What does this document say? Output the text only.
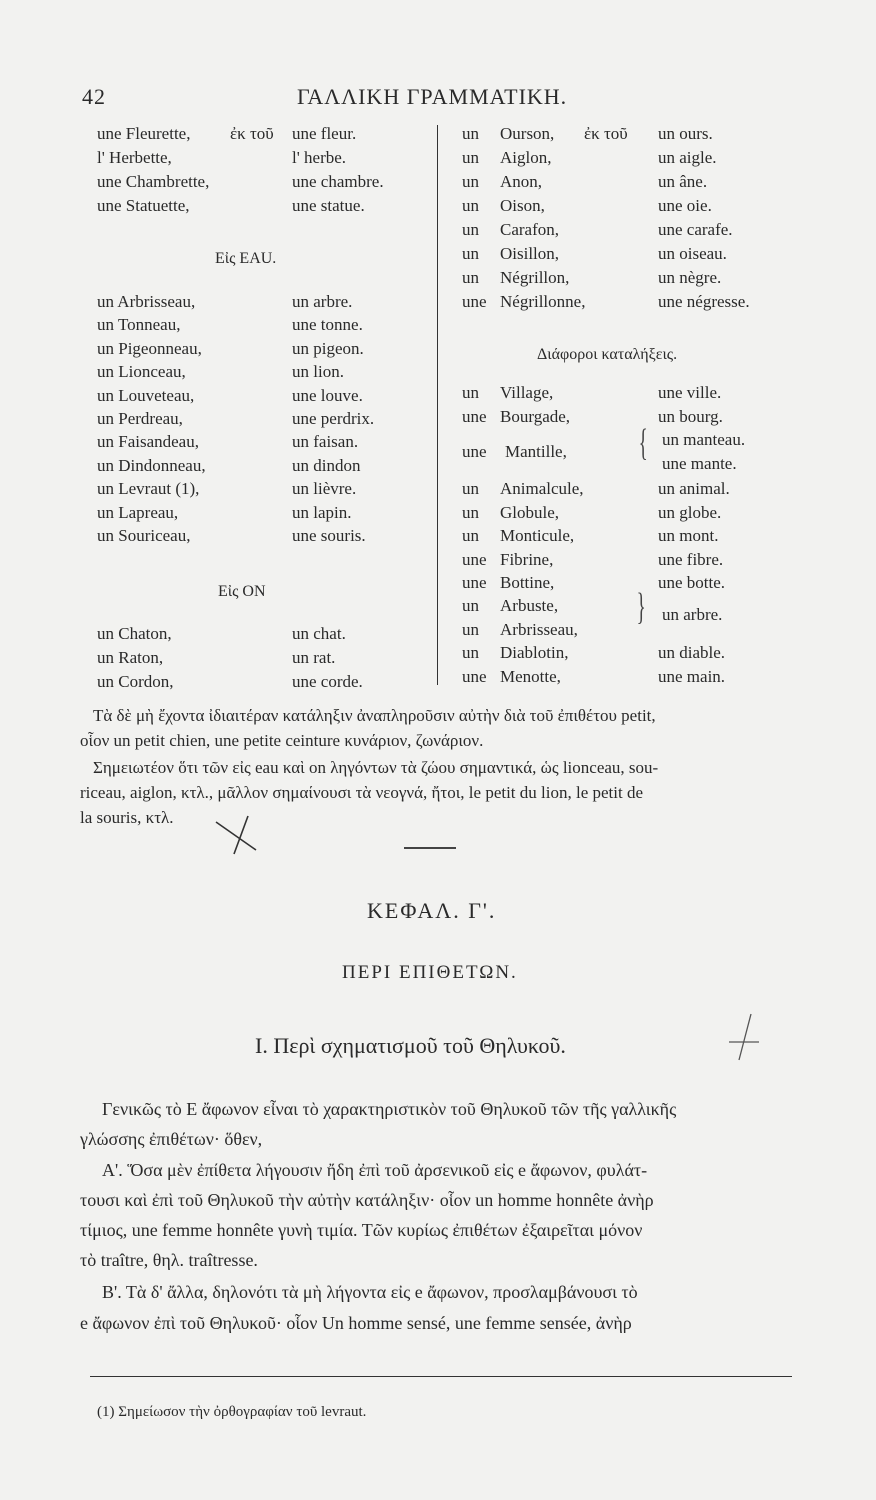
42	ΓΑΛΛΙΚΗ ΓΡΑΜΜΑΤΙΚΗ.
une Fleurette, ἐκ τοῦ une fleur.
l' Herbette,	l' herbe.
une Chambrette,	une chambre.
une Statuette,	une statue.
Εἰς EAU.
un Arbrisseau,	un arbre.
un Tonneau,	une tonne.
un Pigeonneau,	un pigeon.
un Lionceau,	un lion.
un Louveteau,	une louve.
un Perdreau,	une perdrix.
un Faisandeau,	un faisan.
un Dindonneau,	un dindon
un Levraut (1),	un lièvre.
un Lapreau,	un lapin.
un Souriceau,	une souris.
Εἰς ON
un Chaton,	un chat.
un Raton,	un rat.
un Cordon,	une corde.
un Ourson, ἐκ τοῦ un ours.
un Aiglon,	un aigle.
un Anon,	un âne.
un Oison,	une oie.
un Carafon,	une carafe.
un Oisillon,	un oiseau.
un Négrillon,	un nègre.
une Négrillonne,	une négresse.
Διάφοροι καταλήξεις.
un Village,	une ville.
une Bourgade,	un bourg.
une Mantille, { un manteau.
une mante.
un Animalcule,	un animal.
un Globule,	un globe.
un Monticule,	un mont.
une Fibrine,	une fibre.
une Bottine,	une botte.
un Arbuste,
un Arbrisseau,
} un arbre.
un Diablotin,	un diable.
une Menotte,	une main.
Τὰ δὲ μὴ ἔχοντα ἰδιαιτέραν κατάληξιν ἀναπληροῦσιν αὐτὴν διὰ τοῦ ἐπιθέτου petit,
οἷον un petit chien, une petite ceinture κυνάριον, ζωνάριον.
Σημειωτέον ὅτι τῶν εἰς eau καὶ on ληγόντων τὰ ζώου σημαντικά, ὡς lionceau, sou-
riceau, aiglon, κτλ., μᾶλλον σημαίνουσι τὰ νεογνά, ἤτοι, le petit du lion, le petit de
la souris, κτλ.
ΚΕΦΑΛ. Γ'.
ΠΕΡΙ ΕΠΙΘΕΤΩΝ.
Ι. Περὶ σχηματισμοῦ τοῦ Θηλυκοῦ.
Γενικῶς τὸ E ἄφωνον εἶναι τὸ χαρακτηριστικὸν τοῦ Θηλυκοῦ τῶν τῆς γαλλικῆς
γλώσσης ἐπιθέτων· ὅθεν,
Α'. Ὅσα μὲν ἐπίθετα λήγουσιν ἤδη ἐπὶ τοῦ ἀρσενικοῦ εἰς e ἄφωνον, φυλάτ-
τουσι καὶ ἐπὶ τοῦ Θηλυκοῦ τὴν αὐτὴν κατάληξιν· οἷον un homme honnête ἀνὴρ
τίμιος, une femme honnête γυνὴ τιμία. Τῶν κυρίως ἐπιθέτων ἐξαιρεῖται μόνον
τὸ traître, θηλ. traîtresse.
Β'. Τὰ δ' ἄλλα, δηλονότι τὰ μὴ λήγοντα εἰς e ἄφωνον, προσλαμβάνουσι τὸ
e ἄφωνον ἐπὶ τοῦ Θηλυκοῦ· οἷον Un homme sensé, une femme sensée, ἀνὴρ
(1) Σημείωσον τὴν ὀρθογραφίαν τοῦ levraut.
